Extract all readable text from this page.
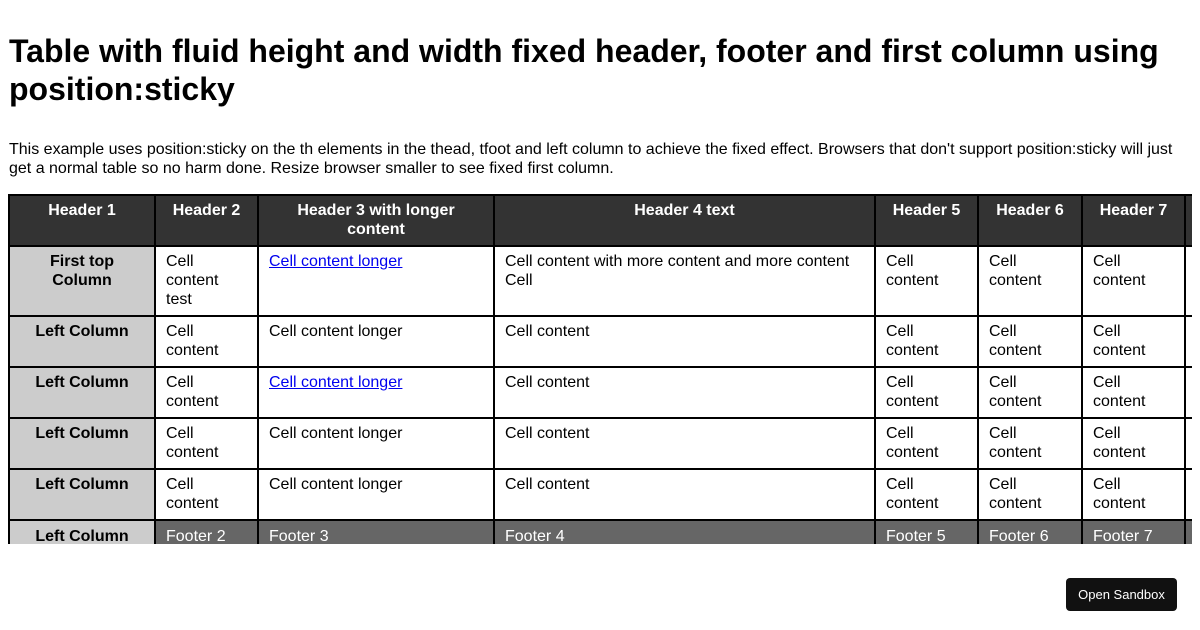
Table with fluid height and width fixed header, footer and first column using position:sticky

This example uses position:sticky on the th elements in the thead, tfoot and left column to achieve the fixed effect. Browsers that don't support position:sticky will just get a normal table so no harm done. Resize browser smaller to see fixed first column.

Header 1	Header 2	Header 3 with longer content	Header 4 text	Header 5	Header 6	Header 7	
First top Column	Cell content test	Cell content longer	Cell content with more content and more content Cell	Cell content	Cell content	Cell content	
Left Column	Cell content	Cell content longer	Cell content	Cell content	Cell content	Cell content	
Left Column	Cell content	Cell content longer	Cell content	Cell content	Cell content	Cell content	
Left Column	Cell content	Cell content longer	Cell content	Cell content	Cell content	Cell content	
Left Column	Cell content	Cell content longer	Cell content	Cell content	Cell content	Cell content	
Left Column	Footer 2	Footer 3	Footer 4	Footer 5	Footer 6	Footer 7	
Open Sandbox
